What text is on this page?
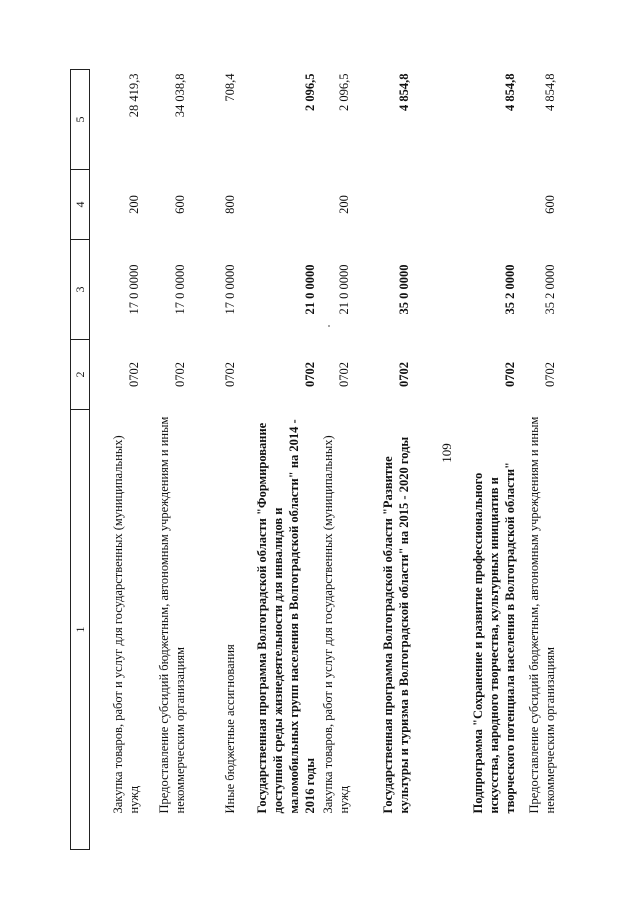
109
1	2	3	4	5
Закупка товаров, работ и услуг для государственных (муниципальных) нужд	0702	17 0 0000	200	28 419,3
Предоставление субсидий бюджетным, автономным учреждениям и иным некоммерческим организациям	0702	17 0 0000	600	34 038,8
Иные бюджетные ассигнования	0702	17 0 0000	800	708,4
Государственная программа Волгоградской области "Формирование доступной среды жизнедеятельности для инвалидов и маломобильных групп населения в Волгоградской области" на 2014 - 2016 годы	0702	21 0 0000		2 096,5
Закупка товаров, работ и услуг для государственных (муниципальных) нужд	0702	21 0 0000	200	2 096,5
Государственная программа Волгоградской области "Развитие культуры и туризма в Волгоградской области" на 2015 - 2020 годы	0702	35 0 0000		4 854,8
Подпрограмма "Сохранение и развитие профессионального искусства, народного творчества, культурных инициатив и творческого потенциала населения в Волгоградской области"	0702	35 2 0000		4 854,8
Предоставление субсидий бюджетным, автономным учреждениям и иным некоммерческим организациям	0702	35 2 0000	600	4 854,8
